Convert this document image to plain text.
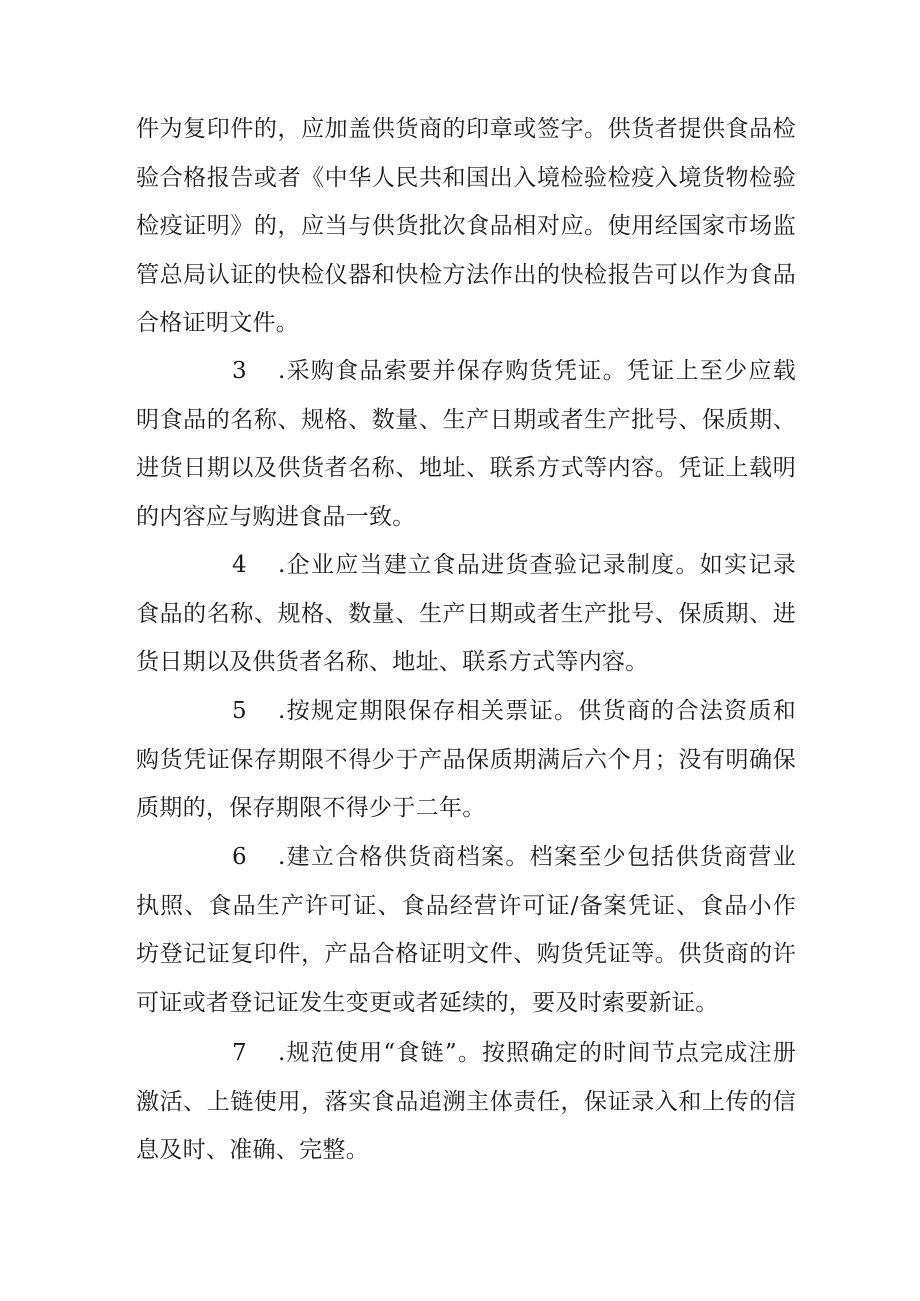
件为复印件的，应加盖供货商的印章或签字。供货者提供食品检验合格报告或者《中华人民共和国出入境检验检疫入境货物检验检疫证明》的，应当与供货批次食品相对应。使用经国家市场监管总局认证的快检仪器和快检方法作出的快检报告可以作为食品合格证明文件。

3 .采购食品索要并保存购货凭证。凭证上至少应载明食品的名称、规格、数量、生产日期或者生产批号、保质期、进货日期以及供货者名称、地址、联系方式等内容。凭证上载明的内容应与购进食品一致。

4 .企业应当建立食品进货查验记录制度。如实记录食品的名称、规格、数量、生产日期或者生产批号、保质期、进货日期以及供货者名称、地址、联系方式等内容。

5 .按规定期限保存相关票证。供货商的合法资质和购货凭证保存期限不得少于产品保质期满后六个月；没有明确保质期的，保存期限不得少于二年。

6 .建立合格供货商档案。档案至少包括供货商营业执照、食品生产许可证、食品经营许可证/备案凭证、食品小作坊登记证复印件，产品合格证明文件、购货凭证等。供货商的许可证或者登记证发生变更或者延续的，要及时索要新证。

7 .规范使用“食链”。按照确定的时间节点完成注册激活、上链使用，落实食品追溯主体责任，保证录入和上传的信息及时、准确、完整。
